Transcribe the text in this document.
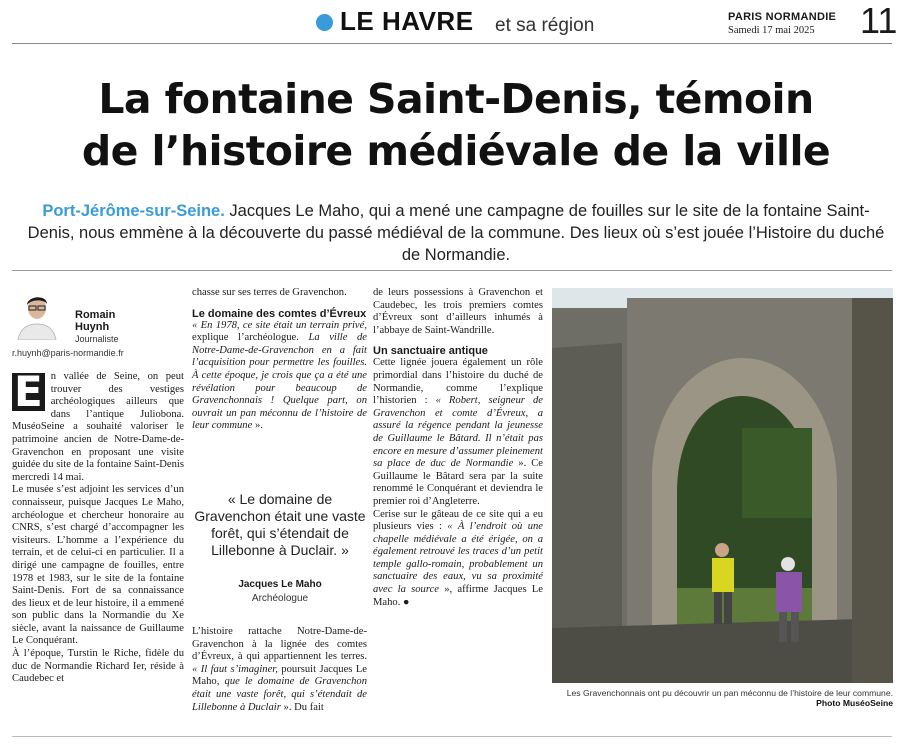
LE HAVRE et sa région	PARIS NORMANDIE
Samedi 17 mai 2025 11
La fontaine Saint-Denis, témoin
de l’histoire médiévale de la ville
Port-Jérôme-sur-Seine. Jacques Le Maho, qui a mené une campagne de fouilles sur le site de la fontaine Saint-Denis, nous emmène à la découverte du passé médiéval de la commune. Des lieux où s’est jouée l’Histoire du duché de Normandie.
Romain
Huynh
Journaliste
r.huynh@paris-normandie.fr
E n vallée de Seine, on peut trouver des vestiges archéologiques ailleurs que dans l’antique Juliobona. MuséoSeine a souhaité valoriser le patrimoine ancien de Notre-Dame-de-Gravenchon en proposant une visite guidée du site de la fontaine Saint-Denis mercredi 14 mai.

Le musée s’est adjoint les services d’un connaisseur, puisque Jacques Le Maho, archéologue et chercheur honoraire au CNRS, s’est chargé d’accompagner les visiteurs. L’homme a l’expérience du terrain, et de celui-ci en particulier. Il a dirigé une campagne de fouilles, entre 1978 et 1983, sur le site de la fontaine Saint-Denis. Fort de sa connaissance des lieux et de leur histoire, il a emmené son public dans la Normandie du Xe siècle, avant la naissance de Guillaume Le Conquérant.

À l’époque, Turstin le Riche, fidèle du duc de Normandie Richard Ier, réside à Caudebec et

chasse sur ses terres de Gravenchon.

Le domaine des comtes d’Évreux

« En 1978, ce site était un terrain privé, explique l’archéologue. La ville de Notre-Dame-de-Gravenchon en a fait l’acquisition pour permettre les fouilles. À cette époque, je crois que ça a été une révélation pour beaucoup de Gravenchonnais ! Quelque part, on ouvrait un pan méconnu de l’histoire de leur commune ».

« Le domaine de Gravenchon était une vaste forêt, qui s’étendait de Lillebonne à Duclair. »
Jacques Le Maho
Archéologue

L’histoire rattache Notre-Dame-de-Gravenchon à la lignée des comtes d’Évreux, à qui appartiennent les terres. « Il faut s’imaginer, poursuit Jacques Le Maho, que le domaine de Gravenchon était une vaste forêt, qui s’étendait de Lillebonne à Duclair ». Du fait

de leurs possessions à Gravenchon et Caudebec, les trois premiers comtes d’Évreux sont d’ailleurs inhumés à l’abbaye de Saint-Wandrille.

Un sanctuaire antique

Cette lignée jouera également un rôle primordial dans l’histoire du duché de Normandie, comme l’explique l’historien : « Robert, seigneur de Gravenchon et comte d’Évreux, a assuré la régence pendant la jeunesse de Guillaume le Bâtard. Il n’était pas encore en mesure d’assumer pleinement sa place de duc de Normandie ». Ce Guillaume le Bâtard sera par la suite renommé le Conquérant et deviendra le premier roi d’Angleterre.

Cerise sur le gâteau de ce site qui a eu plusieurs vies : « À l’endroit où une chapelle médiévale a été érigée, on a également retrouvé les traces d’un petit temple gallo-romain, probablement un sanctuaire des eaux, vu sa proximité avec la source », affirme Jacques Le Maho. ●

Les Gravenchonnais ont pu découvrir un pan méconnu de l’histoire de leur commune. Photo MuséoSeine
